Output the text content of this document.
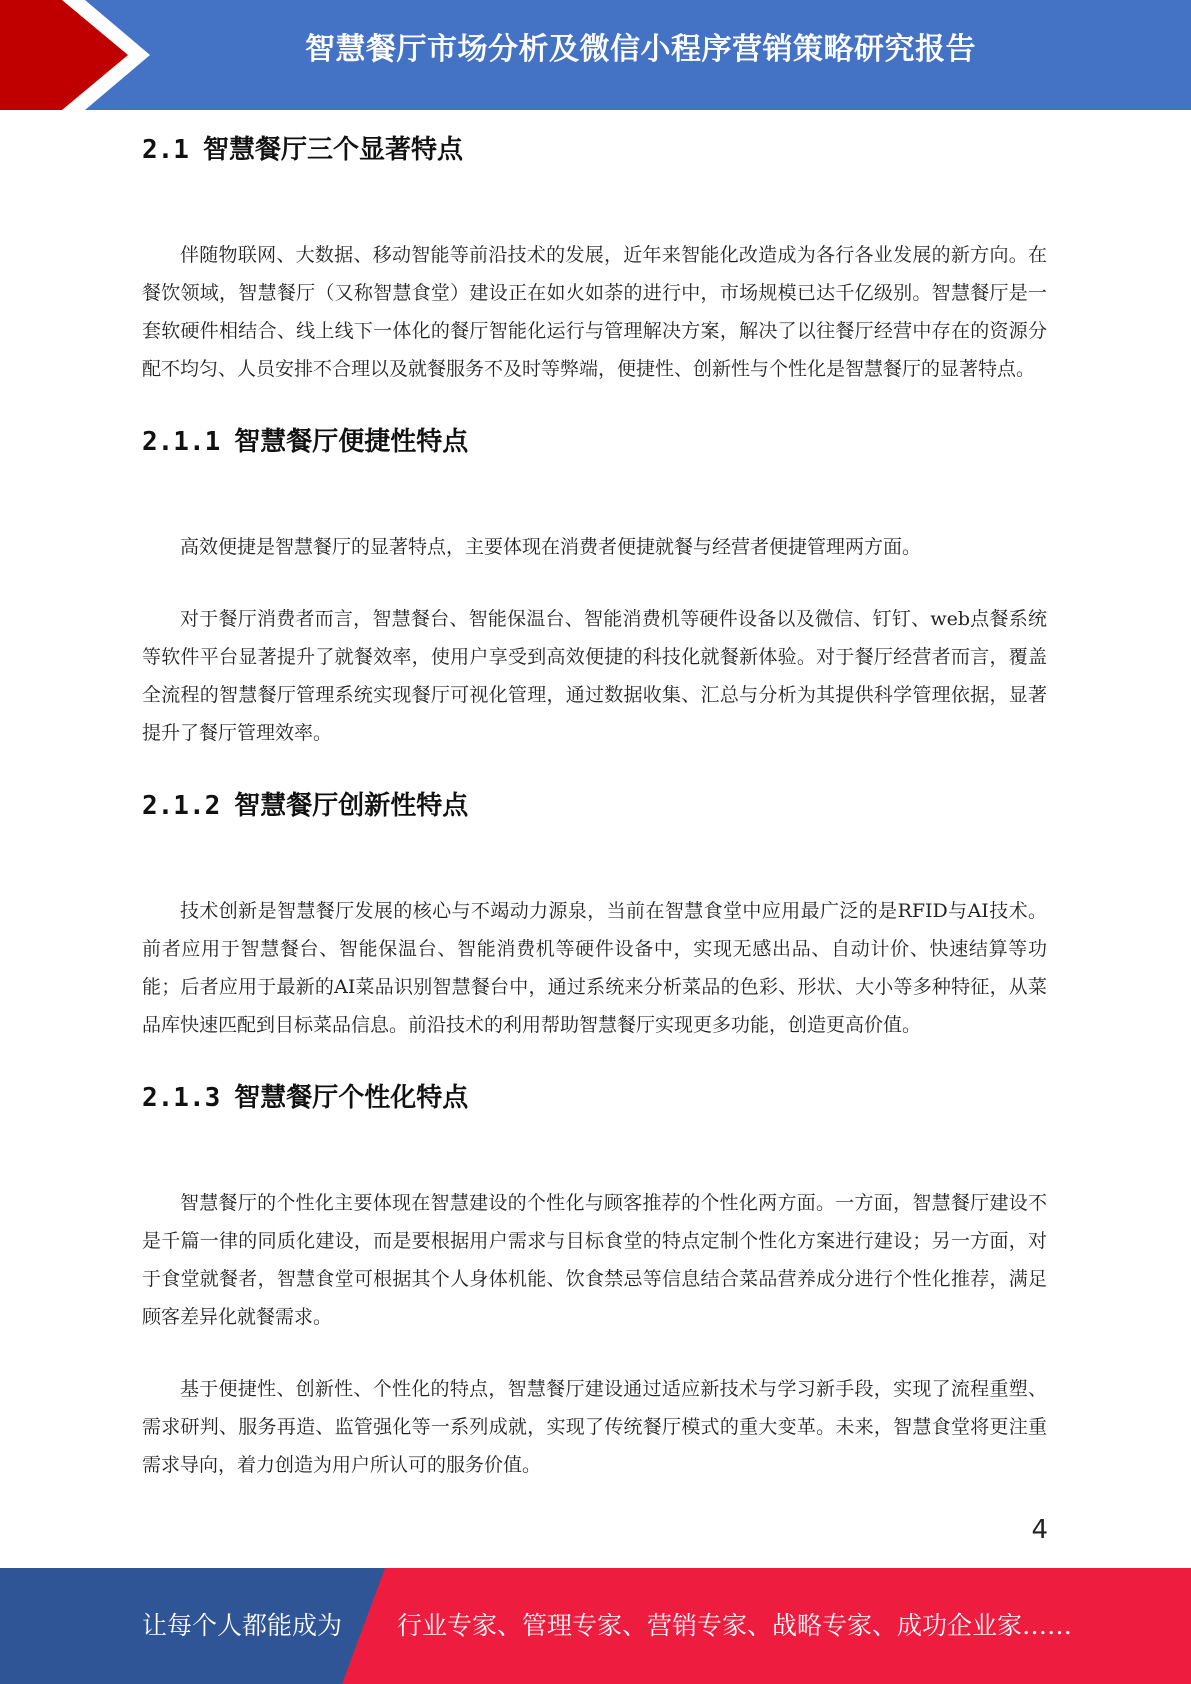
智慧餐厅市场分析及微信小程序营销策略研究报告
2.1 智慧餐厅三个显著特点

伴随物联网、大数据、移动智能等前沿技术的发展，近年来智能化改造成为各行各业发展的新方向。在餐饮领域，智慧餐厅（又称智慧食堂）建设正在如火如荼的进行中，市场规模已达千亿级别。智慧餐厅是一套软硬件相结合、线上线下一体化的餐厅智能化运行与管理解决方案，解决了以往餐厅经营中存在的资源分配不均匀、人员安排不合理以及就餐服务不及时等弊端，便捷性、创新性与个性化是智慧餐厅的显著特点。

2.1.1 智慧餐厅便捷性特点

高效便捷是智慧餐厅的显著特点，主要体现在消费者便捷就餐与经营者便捷管理两方面。

对于餐厅消费者而言，智慧餐台、智能保温台、智能消费机等硬件设备以及微信、钉钉、web点餐系统等软件平台显著提升了就餐效率，使用户享受到高效便捷的科技化就餐新体验。对于餐厅经营者而言，覆盖全流程的智慧餐厅管理系统实现餐厅可视化管理，通过数据收集、汇总与分析为其提供科学管理依据，显著提升了餐厅管理效率。

2.1.2 智慧餐厅创新性特点

技术创新是智慧餐厅发展的核心与不竭动力源泉，当前在智慧食堂中应用最广泛的是RFID与AI技术。前者应用于智慧餐台、智能保温台、智能消费机等硬件设备中，实现无感出品、自动计价、快速结算等功能；后者应用于最新的AI菜品识别智慧餐台中，通过系统来分析菜品的色彩、形状、大小等多种特征，从菜品库快速匹配到目标菜品信息。前沿技术的利用帮助智慧餐厅实现更多功能，创造更高价值。

2.1.3 智慧餐厅个性化特点

智慧餐厅的个性化主要体现在智慧建设的个性化与顾客推荐的个性化两方面。一方面，智慧餐厅建设不是千篇一律的同质化建设，而是要根据用户需求与目标食堂的特点定制个性化方案进行建设；另一方面，对于食堂就餐者，智慧食堂可根据其个人身体机能、饮食禁忌等信息结合菜品营养成分进行个性化推荐，满足顾客差异化就餐需求。

基于便捷性、创新性、个性化的特点，智慧餐厅建设通过适应新技术与学习新手段，实现了流程重塑、需求研判、服务再造、监管强化等一系列成就，实现了传统餐厅模式的重大变革。未来，智慧食堂将更注重需求导向，着力创造为用户所认可的服务价值。

4
让每个人都能成为 行业专家、管理专家、营销专家、战略专家、成功企业家……
